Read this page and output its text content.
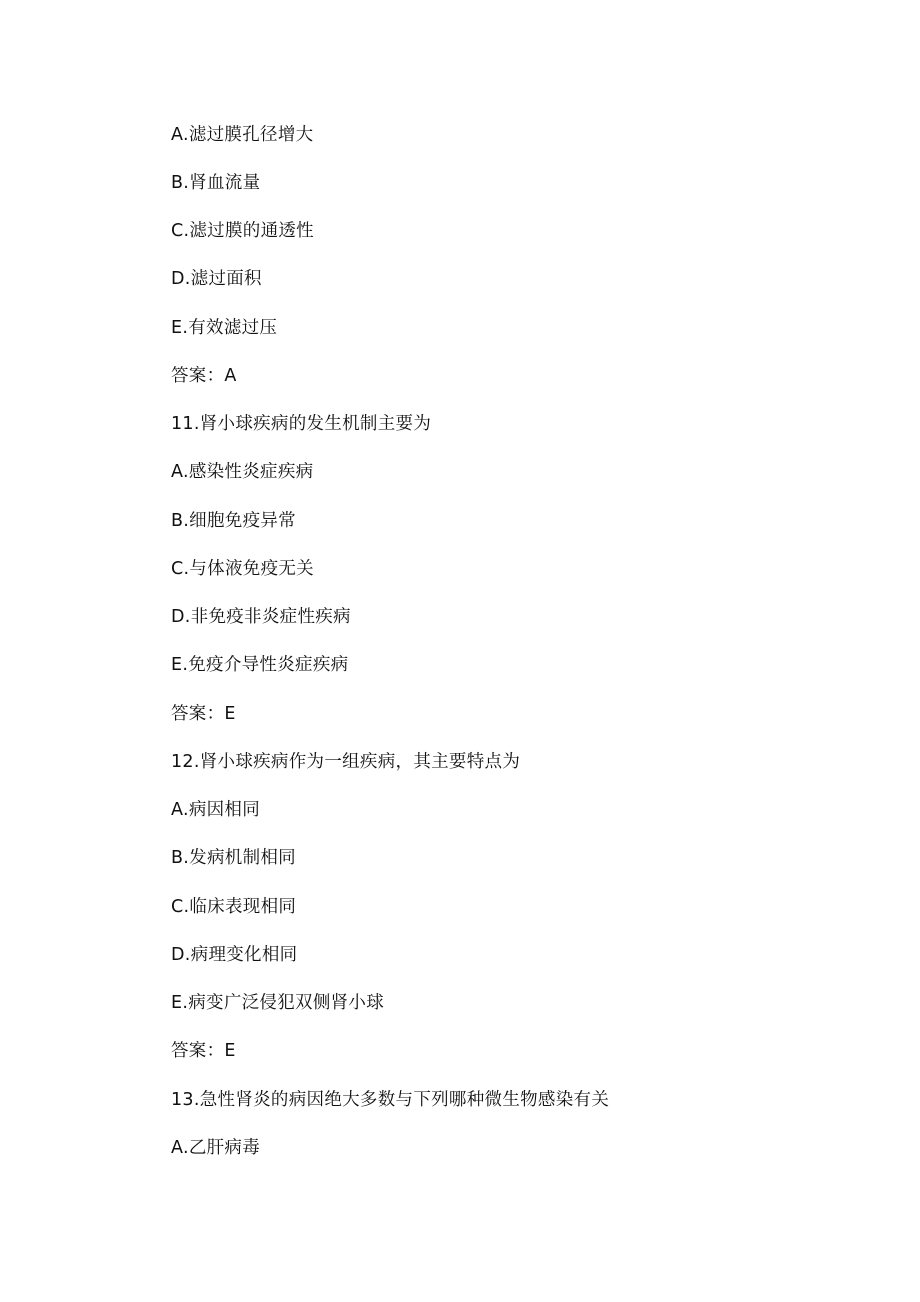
A.滤过膜孔径增大

B.肾血流量

C.滤过膜的通透性

D.滤过面积

E.有效滤过压

答案：A

11.肾小球疾病的发生机制主要为

A.感染性炎症疾病

B.细胞免疫异常

C.与体液免疫无关

D.非免疫非炎症性疾病

E.免疫介导性炎症疾病

答案：E

12.肾小球疾病作为一组疾病，其主要特点为

A.病因相同

B.发病机制相同

C.临床表现相同

D.病理变化相同

E.病变广泛侵犯双侧肾小球

答案：E

13.急性肾炎的病因绝大多数与下列哪种微生物感染有关

A.乙肝病毒
